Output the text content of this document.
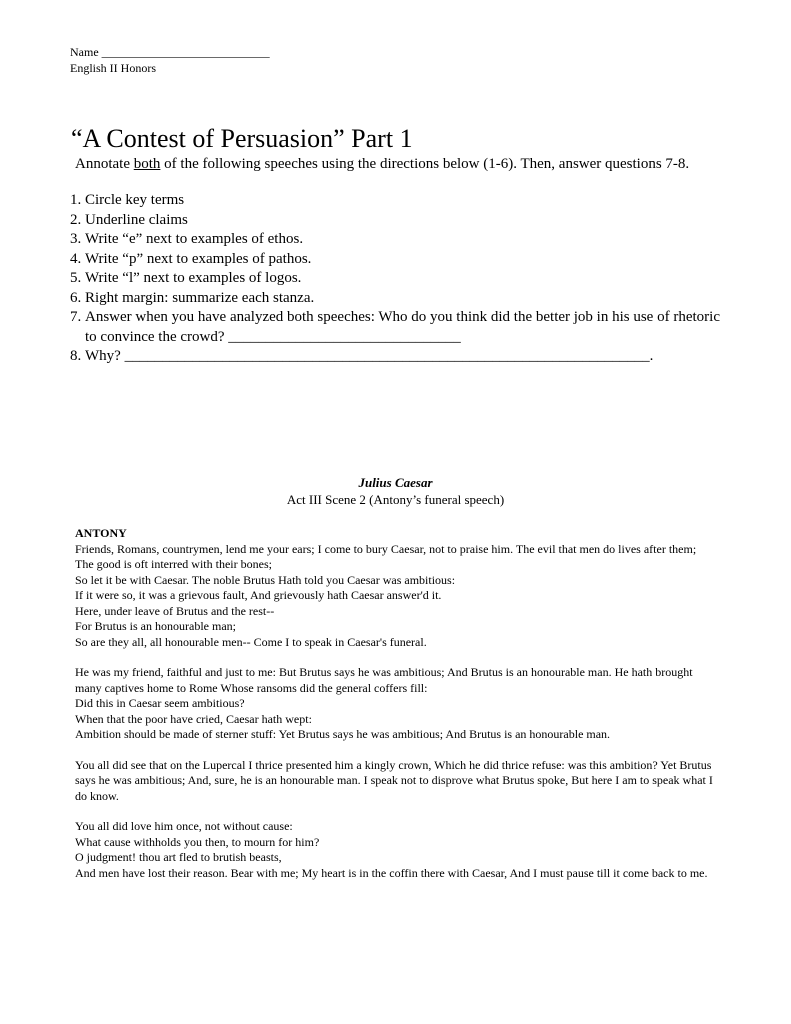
Name ____________________________
English II Honors
“A Contest of Persuasion” Part 1
Annotate both of the following speeches using the directions below (1-6). Then, answer questions 7-8.
1. Circle key terms
2. Underline claims
3. Write “e” next to examples of ethos.
4. Write “p” next to examples of pathos.
5. Write “l” next to examples of logos.
6. Right margin: summarize each stanza.
7. Answer when you have analyzed both speeches: Who do you think did the better job in his use of rhetoric to convince the crowd? _______________________________
8. Why? ______________________________________________________________________.
Julius Caesar
Act III Scene 2 (Antony’s funeral speech)
ANTONY

Friends, Romans, countrymen, lend me your ears; I come to bury Caesar, not to praise him. The evil that men do lives after them;

The good is oft interred with their bones;

So let it be with Caesar. The noble Brutus Hath told you Caesar was ambitious:

If it were so, it was a grievous fault, And grievously hath Caesar answer'd it.

Here, under leave of Brutus and the rest--

For Brutus is an honourable man;

So are they all, all honourable men-- Come I to speak in Caesar's funeral.

He was my friend, faithful and just to me: But Brutus says he was ambitious; And Brutus is an honourable man. He hath brought many captives home to Rome Whose ransoms did the general coffers fill:

Did this in Caesar seem ambitious?

When that the poor have cried, Caesar hath wept:

Ambition should be made of sterner stuff: Yet Brutus says he was ambitious; And Brutus is an honourable man.

You all did see that on the Lupercal I thrice presented him a kingly crown, Which he did thrice refuse: was this ambition? Yet Brutus says he was ambitious; And, sure, he is an honourable man. I speak not to disprove what Brutus spoke, But here I am to speak what I do know.

You all did love him once, not without cause:

What cause withholds you then, to mourn for him?

O judgment! thou art fled to brutish beasts,

And men have lost their reason. Bear with me; My heart is in the coffin there with Caesar, And I must pause till it come back to me.
